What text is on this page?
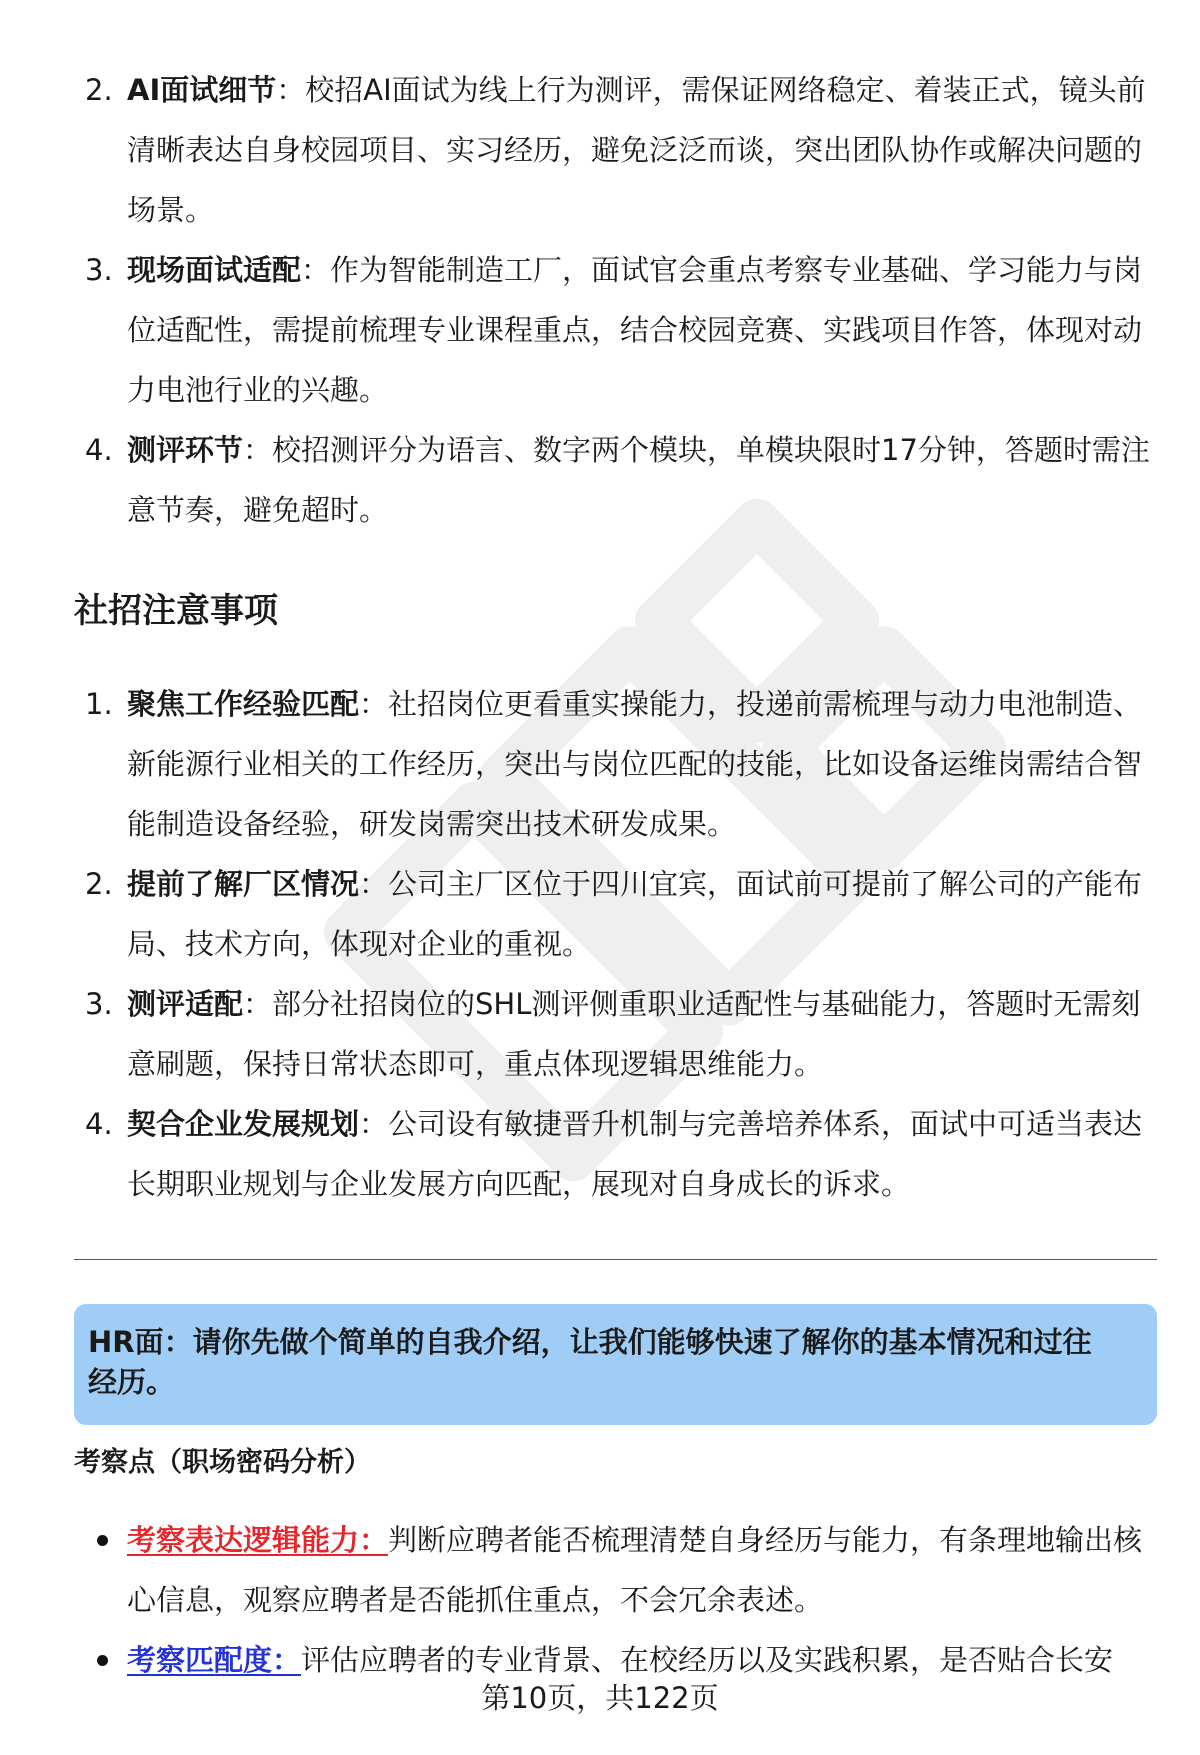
2. AI面试细节：校招AI面试为线上行为测评，需保证网络稳定、着装正式，镜头前清晰表达自身校园项目、实习经历，避免泛泛而谈，突出团队协作或解决问题的场景。
3. 现场面试适配：作为智能制造工厂，面试官会重点考察专业基础、学习能力与岗位适配性，需提前梳理专业课程重点，结合校园竞赛、实践项目作答，体现对动力电池行业的兴趣。
4. 测评环节：校招测评分为语言、数字两个模块，单模块限时17分钟，答题时需注意节奏，避免超时。
社招注意事项
1. 聚焦工作经验匹配：社招岗位更看重实操能力，投递前需梳理与动力电池制造、新能源行业相关的工作经历，突出与岗位匹配的技能，比如设备运维岗需结合智能制造设备经验，研发岗需突出技术研发成果。
2. 提前了解厂区情况：公司主厂区位于四川宜宾，面试前可提前了解公司的产能布局、技术方向，体现对企业的重视。
3. 测评适配：部分社招岗位的SHL测评侧重职业适配性与基础能力，答题时无需刻意刷题，保持日常状态即可，重点体现逻辑思维能力。
4. 契合企业发展规划：公司设有敏捷晋升机制与完善培养体系，面试中可适当表达长期职业规划与企业发展方向匹配，展现对自身成长的诉求。
HR面：请你先做个简单的自我介绍，让我们能够快速了解你的基本情况和过往经历。
考察点（职场密码分析）
考察表达逻辑能力：判断应聘者能否梳理清楚自身经历与能力，有条理地输出核心信息，观察应聘者是否能抓住重点，不会冗余表述。
考察匹配度：评估应聘者的专业背景、在校经历以及实践积累，是否贴合长安
第10页，共122页
